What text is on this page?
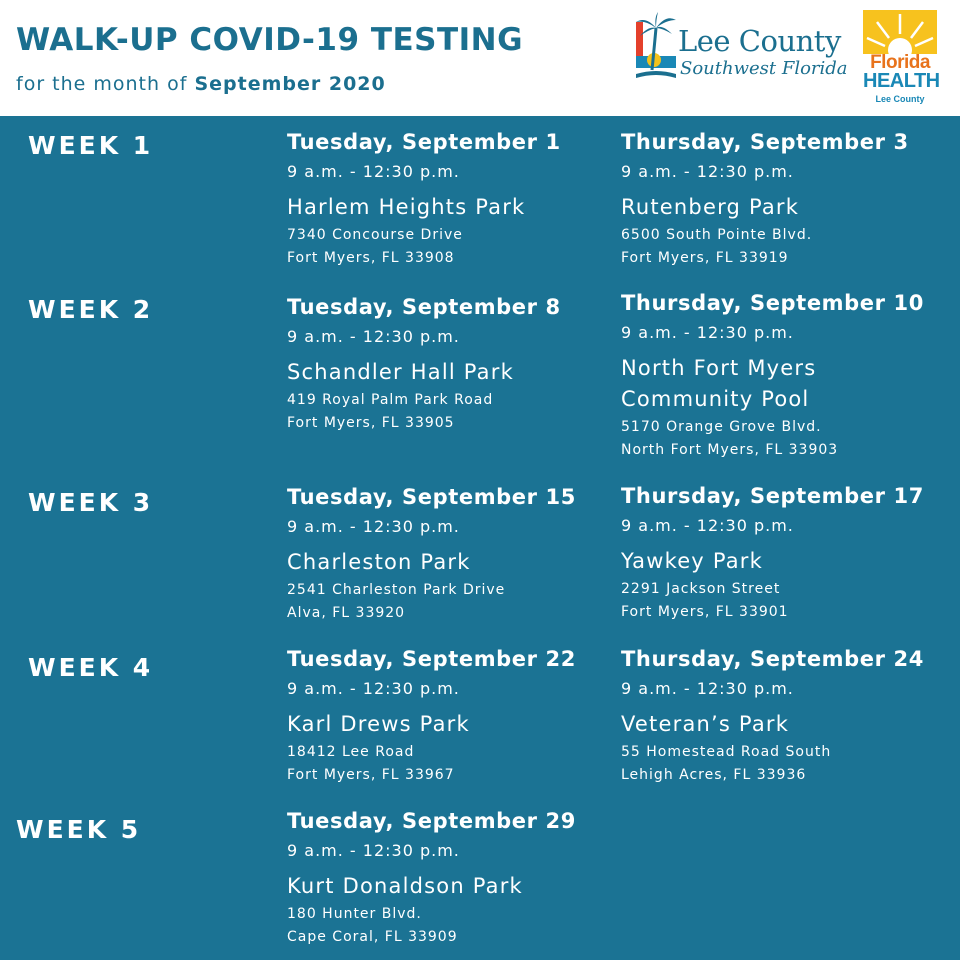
WALK-UP COVID-19 TESTING
for the month of September 2020
Lee County
Southwest Florida	Florida
HEALTH
Lee County
WEEK 1	Tuesday, September 1
9 a.m. - 12:30 p.m.
Harlem Heights Park
7340 Concourse Drive
Fort Myers, FL 33908
Thursday, September 3
9 a.m. - 12:30 p.m.
Rutenberg Park
6500 South Pointe Blvd.
Fort Myers, FL 33919
WEEK 2	Tuesday, September 8
9 a.m. - 12:30 p.m.
Schandler Hall Park
419 Royal Palm Park Road
Fort Myers, FL 33905
Thursday, September 10
9 a.m. - 12:30 p.m.
North Fort Myers Community Pool
5170 Orange Grove Blvd.
North Fort Myers, FL 33903
WEEK 3	Tuesday, September 15
9 a.m. - 12:30 p.m.
Charleston Park
2541 Charleston Park Drive
Alva, FL 33920
Thursday, September 17
9 a.m. - 12:30 p.m.
Yawkey Park
2291 Jackson Street
Fort Myers, FL 33901
WEEK 4	Tuesday, September 22
9 a.m. - 12:30 p.m.
Karl Drews Park
18412 Lee Road
Fort Myers, FL 33967
Thursday, September 24
9 a.m. - 12:30 p.m.
Veteran’s Park
55 Homestead Road South
Lehigh Acres, FL 33936
WEEK 5	Tuesday, September 29
9 a.m. - 12:30 p.m.
Kurt Donaldson Park
180 Hunter Blvd.
Cape Coral, FL 33909
